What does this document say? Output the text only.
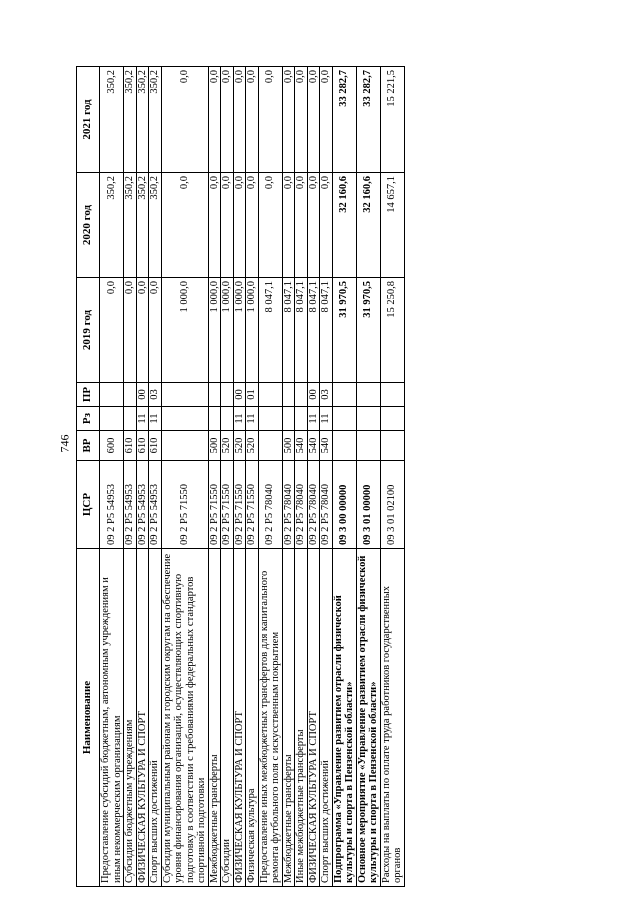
746
Наименование	ЦСР	ВР	Рз	ПР	2019 год	2020 год	2021 год
Предоставление субсидий бюджетным, автономным учреждениям и иным некоммерческим организациям	09 2 P5 54953	600			0,0	350,2	350,2
Субсидии бюджетным учреждениям	09 2 P5 54953	610			0,0	350,2	350,2
ФИЗИЧЕСКАЯ КУЛЬТУРА И СПОРТ	09 2 P5 54953	610	11	00	0,0	350,2	350,2
Спорт высших достижений	09 2 P5 54953	610	11	03	0,0	350,2	350,2
Субсидии муниципальным районам и городским округам на обеспечение уровня финансирования организаций, осуществляющих спортивную подготовку в соответствии с требованиями федеральных стандартов спортивной подготовки	09 2 P5 71550				1 000,0	0,0	0,0
Межбюджетные трансферты	09 2 P5 71550	500			1 000,0	0,0	0,0
Субсидии	09 2 P5 71550	520			1 000,0	0,0	0,0
ФИЗИЧЕСКАЯ КУЛЬТУРА И СПОРТ	09 2 P5 71550	520	11	00	1 000,0	0,0	0,0
Физическая культура	09 2 P5 71550	520	11	01	1 000,0	0,0	0,0
Предоставление иных межбюджетных трансфертов для капитального ремонта футбольного поля с искусственным покрытием	09 2 P5 78040				8 047,1	0,0	0,0
Межбюджетные трансферты	09 2 P5 78040	500			8 047,1	0,0	0,0
Иные межбюджетные трансферты	09 2 P5 78040	540			8 047,1	0,0	0,0
ФИЗИЧЕСКАЯ КУЛЬТУРА И СПОРТ	09 2 P5 78040	540	11	00	8 047,1	0,0	0,0
Спорт высших достижений	09 2 P5 78040	540	11	03	8 047,1	0,0	0,0
Подпрограмма «Управление развитием отрасли физической культуры и спорта в Пензенской области»	09 3 00 00000				31 970,5	32 160,6	33 282,7
Основное мероприятие «Управление развитием отрасли физической культуры и спорта в Пензенской области»	09 3 01 00000				31 970,5	32 160,6	33 282,7
Расходы на выплаты по оплате труда работников государственных органов	09 3 01 02100				15 250,8	14 657,1	15 221,5
